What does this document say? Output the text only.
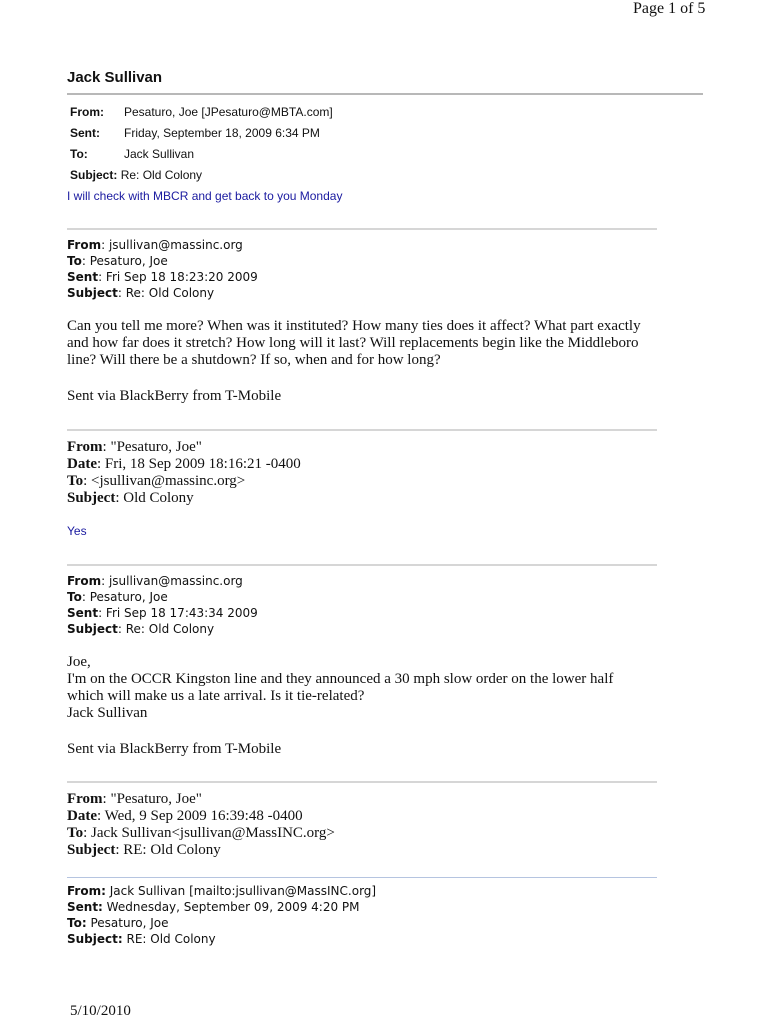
Page 1 of 5
Jack Sullivan
From: Pesaturo, Joe [JPesaturo@MBTA.com]
Sent: Friday, September 18, 2009 6:34 PM
To:	Jack Sullivan
Subject: Re: Old Colony
I will check with MBCR and get back to you Monday
From: jsullivan@massinc.org
To: Pesaturo, Joe
Sent: Fri Sep 18 18:23:20 2009
Subject: Re: Old Colony
Can you tell me more? When was it instituted? How many ties does it affect? What part exactly
and how far does it stretch? How long will it last? Will replacements begin like the Middleboro
line? Will there be a shutdown? If so, when and for how long?
Sent via BlackBerry from T-Mobile
From: "Pesaturo, Joe"
Date: Fri, 18 Sep 2009 18:16:21 -0400
To: <jsullivan@massinc.org>
Subject: Old Colony
Yes
From: jsullivan@massinc.org
To: Pesaturo, Joe
Sent: Fri Sep 18 17:43:34 2009
Subject: Re: Old Colony
Joe,
I'm on the OCCR Kingston line and they announced a 30 mph slow order on the lower half
which will make us a late arrival. Is it tie-related?
Jack Sullivan
Sent via BlackBerry from T-Mobile
From: "Pesaturo, Joe"
Date: Wed, 9 Sep 2009 16:39:48 -0400
To: Jack Sullivan<jsullivan@MassINC.org>
Subject: RE: Old Colony
From: Jack Sullivan [mailto:jsullivan@MassINC.org]
Sent: Wednesday, September 09, 2009 4:20 PM
To: Pesaturo, Joe
Subject: RE: Old Colony
5/10/2010
